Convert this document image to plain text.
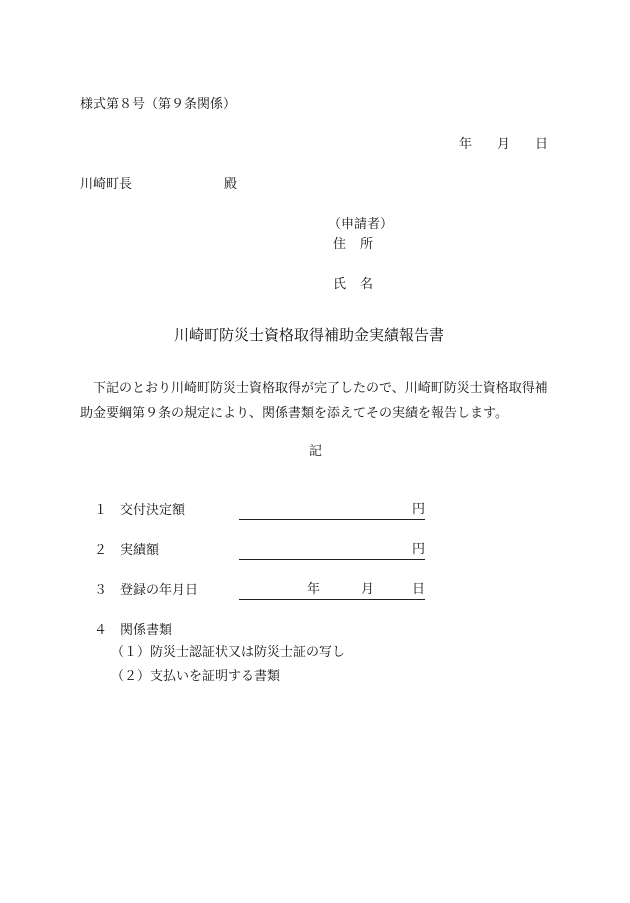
様式第８号（第９条関係）
年 月 日
川崎町長	殿
（申請者）
住所
氏名
川崎町防災士資格取得補助金実績報告書
下記のとおり川崎町防災士資格取得が完了したので、川崎町防災士資格取得補助金要綱第９条の規定により、関係書類を添えてその実績を報告します。
記
１ 交付決定額	円
２ 実績額	円
３ 登録の年月日	年	月	日
４ 関係書類
（１）防災士認証状又は防災士証の写し
（２）支払いを証明する書類
